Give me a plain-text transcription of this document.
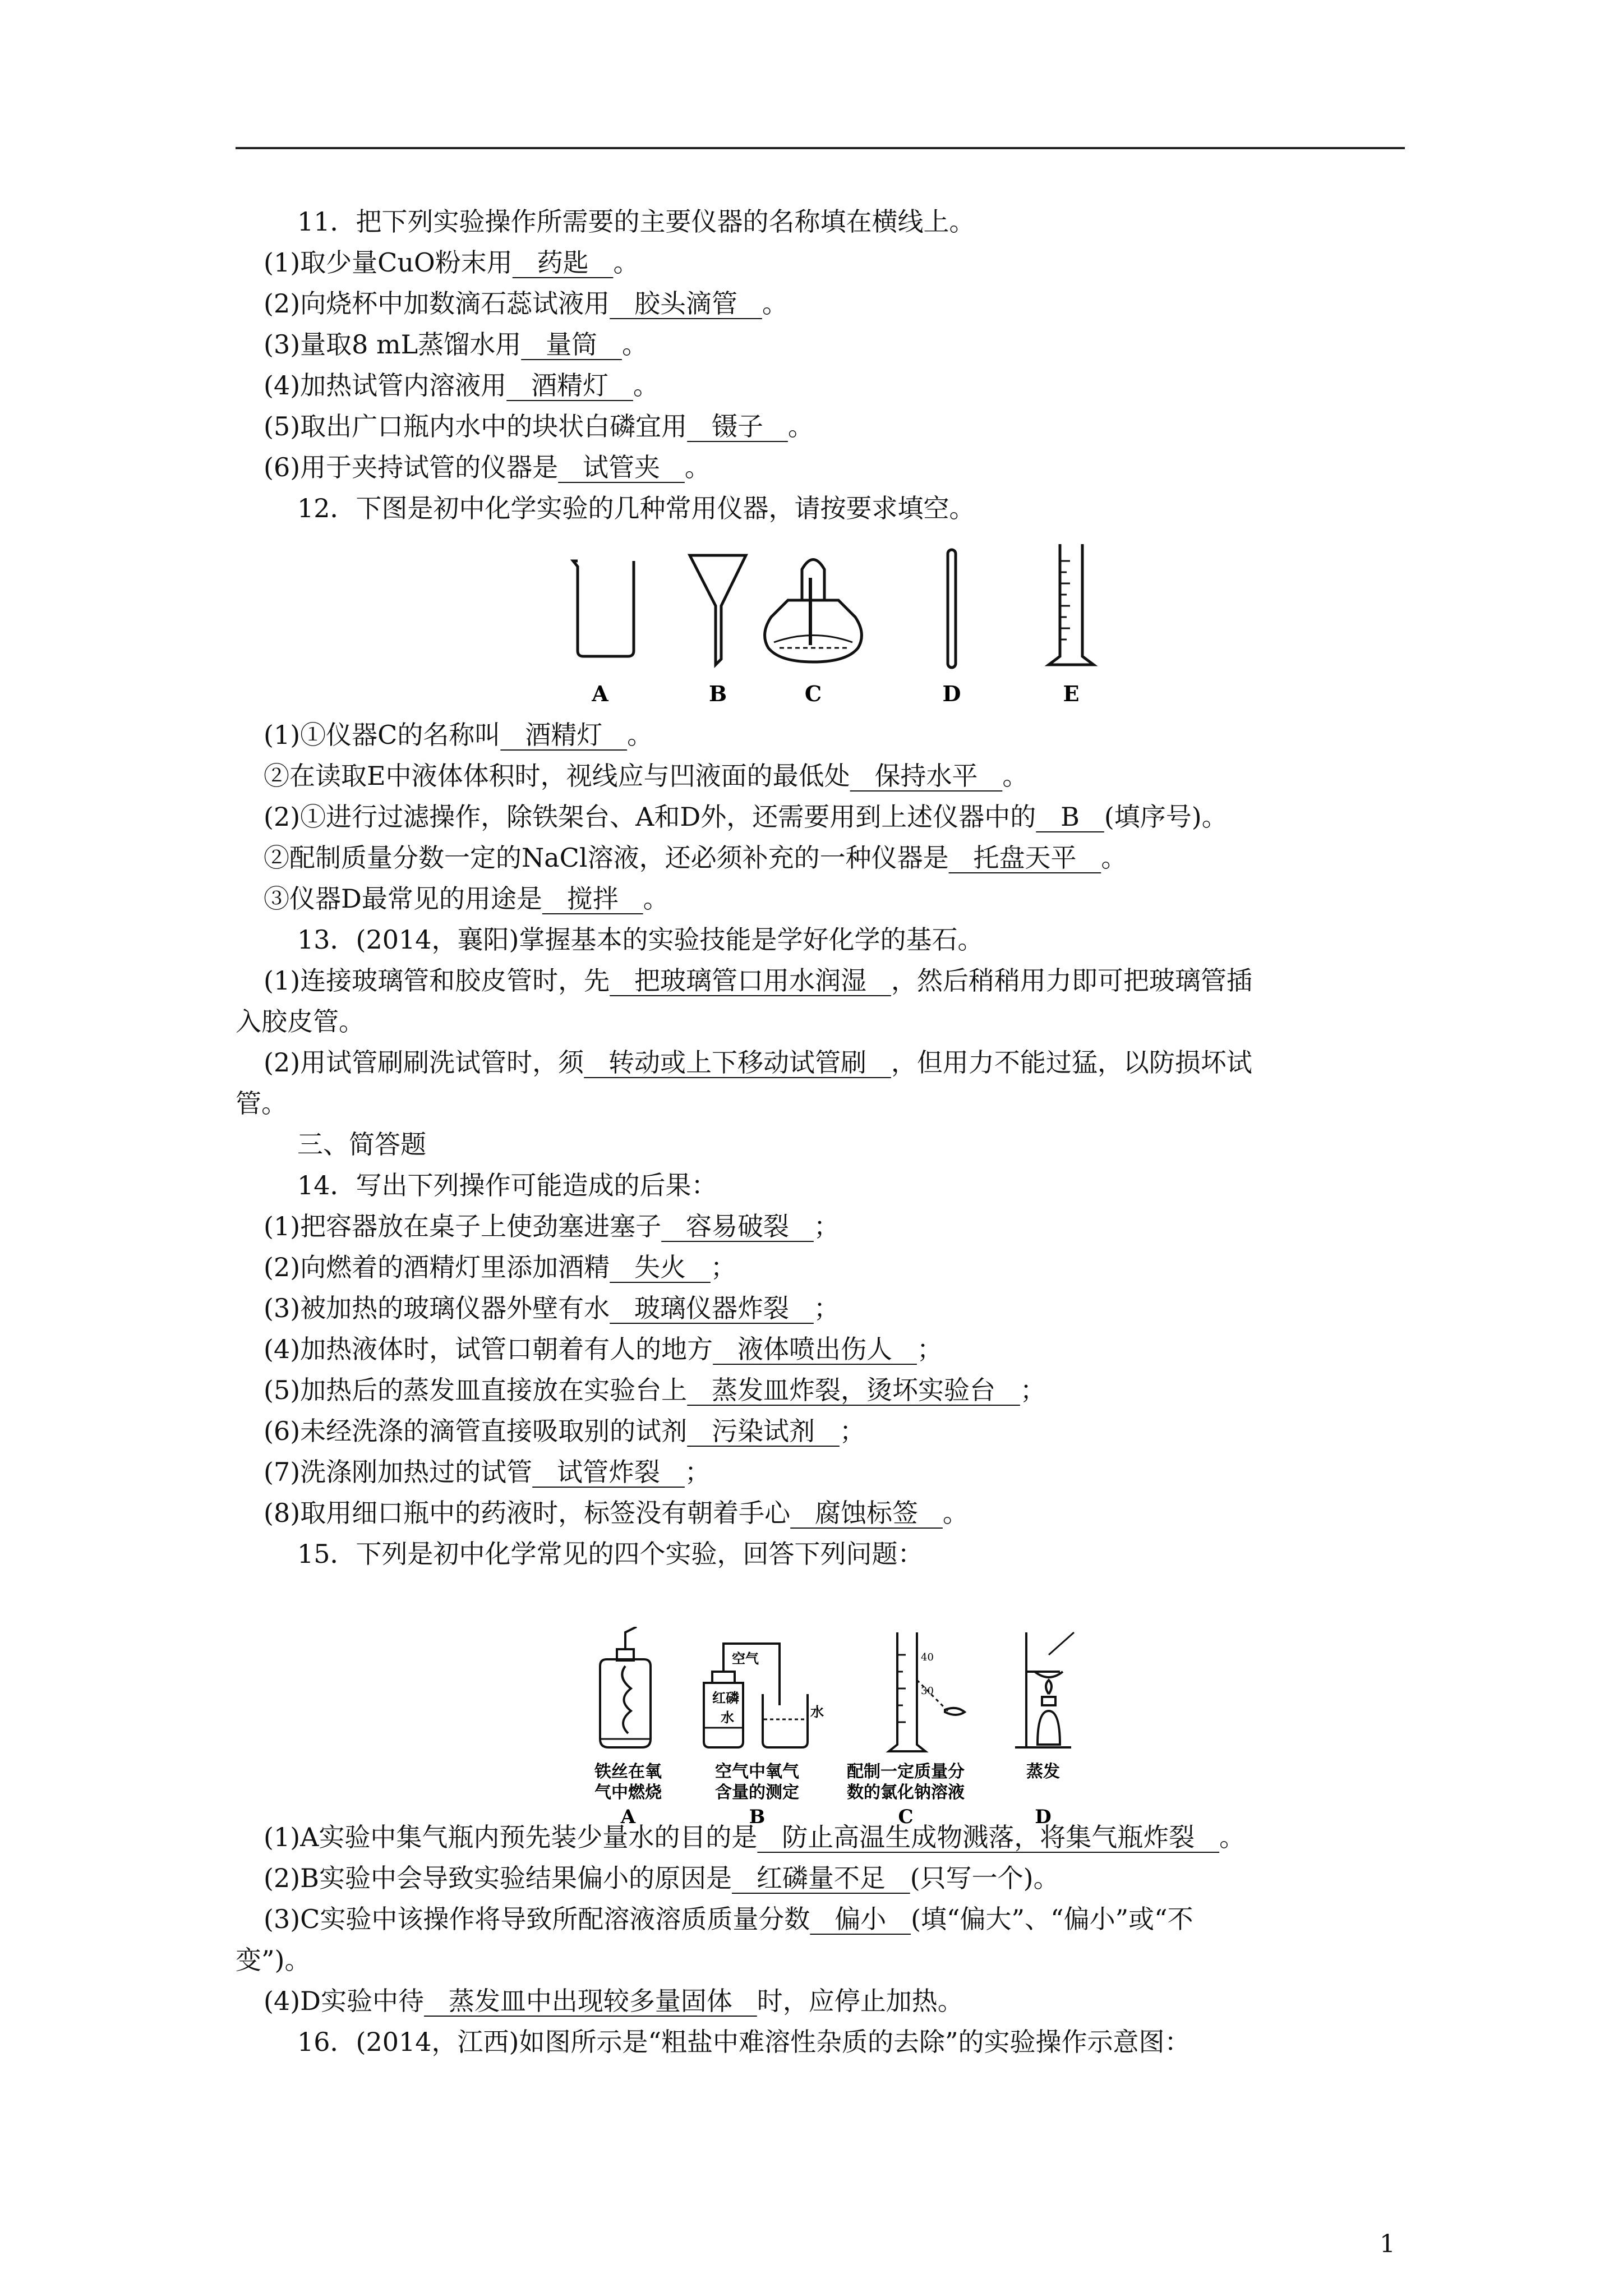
11．把下列实验操作所需要的主要仪器的名称填在横线上。
(1)取少量CuO粉末用   药匙   。
(2)向烧杯中加数滴石蕊试液用   胶头滴管   。
(3)量取8 mL蒸馏水用   量筒   。
(4)加热试管内溶液用   酒精灯   。
(5)取出广口瓶内水中的块状白磷宜用   镊子   。
(6)用于夹持试管的仪器是   试管夹   。
12．下图是初中化学实验的几种常用仪器，请按要求填空。
A	B	C	D	E
(1)①仪器C的名称叫   酒精灯   。
②在读取E中液体体积时，视线应与凹液面的最低处   保持水平   。
(2)①进行过滤操作，除铁架台、A和D外，还需要用到上述仪器中的   B   (填序号)。
②配制质量分数一定的NaCl溶液，还必须补充的一种仪器是   托盘天平   。
③仪器D最常见的用途是   搅拌   。
13．(2014，襄阳)掌握基本的实验技能是学好化学的基石。
(1)连接玻璃管和胶皮管时，先   把玻璃管口用水润湿   ，然后稍稍用力即可把玻璃管插
入胶皮管。
(2)用试管刷刷洗试管时，须   转动或上下移动试管刷   ，但用力不能过猛，以防损坏试
管。
三、简答题
14．写出下列操作可能造成的后果：
(1)把容器放在桌子上使劲塞进塞子   容易破裂   ；
(2)向燃着的酒精灯里添加酒精   失火   ；
(3)被加热的玻璃仪器外壁有水   玻璃仪器炸裂   ；
(4)加热液体时，试管口朝着有人的地方   液体喷出伤人   ；
(5)加热后的蒸发皿直接放在实验台上   蒸发皿炸裂，烫坏实验台   ；
(6)未经洗涤的滴管直接吸取别的试剂   污染试剂   ；
(7)洗涤刚加热过的试管   试管炸裂   ；
(8)取用细口瓶中的药液时，标签没有朝着手心   腐蚀标签   。
15．下列是初中化学常见的四个实验，回答下列问题：
铁丝在氧
气中燃烧
A
空气
红磷
水	水
空气中氧气
含量的测定
B
40
30
配制一定质量分
数的氯化钠溶液
C
蒸发
D
(1)A实验中集气瓶内预先装少量水的目的是   防止高温生成物溅落，将集气瓶炸裂   。
(2)B实验中会导致实验结果偏小的原因是   红磷量不足   (只写一个)。
(3)C实验中该操作将导致所配溶液溶质质量分数   偏小   (填“偏大”、“偏小”或“不
变”)。
(4)D实验中待   蒸发皿中出现较多量固体   时，应停止加热。
16．(2014，江西)如图所示是“粗盐中难溶性杂质的去除”的实验操作示意图：
1
